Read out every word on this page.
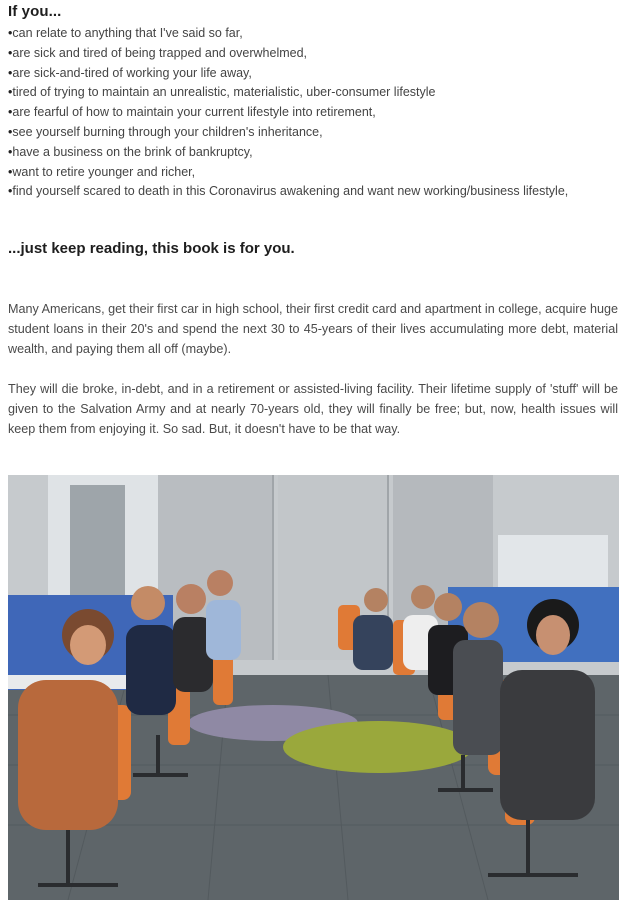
If you...
•can relate to anything that I've said so far,
•are sick and tired of being trapped and overwhelmed,
•are sick-and-tired of working your life away,
•tired of trying to maintain an unrealistic, materialistic, uber-consumer lifestyle
•are fearful of how to maintain your current lifestyle into retirement,
•see yourself burning through your children's inheritance,
•have a business on the brink of bankruptcy,
•want to retire younger and richer,
•find yourself scared to death in this Coronavirus awakening and want new working/business lifestyle,
...just keep reading, this book is for you.

Many Americans, get their first car in high school, their first credit card and apartment in college, acquire huge student loans in their 20's and spend the next 30 to 45-years of their lives accumulating more debt, material wealth, and paying them all off (maybe).

They will die broke, in-debt, and in a retirement or assisted-living facility. Their lifetime supply of 'stuff' will be given to the Salvation Army and at nearly 70-years old, they will finally be free; but, now, health issues will keep them from enjoying it. So sad. But, it doesn't have to be that way.
